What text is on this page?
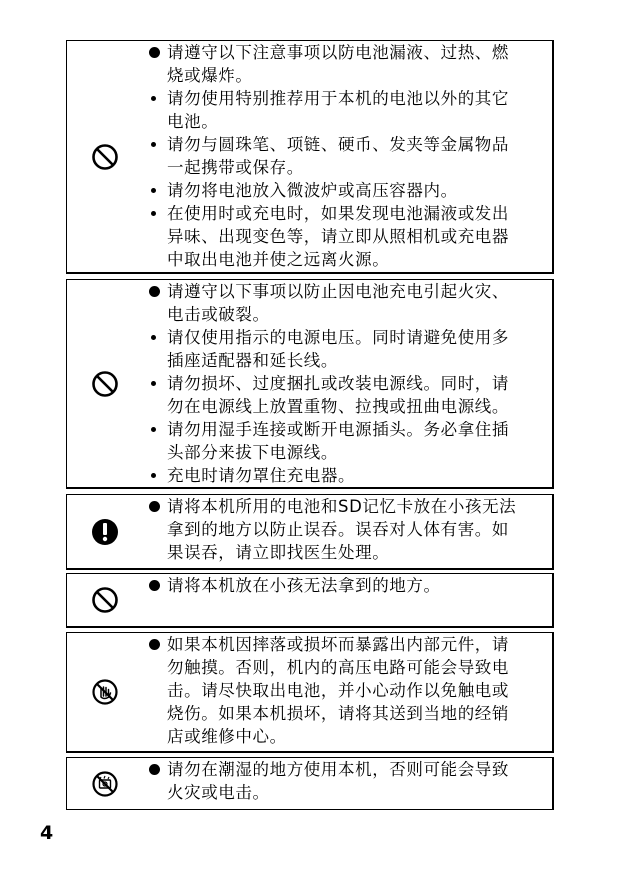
请遵守以下注意事项以防电池漏液、过热、燃
烧或爆炸。
请勿使用特别推荐用于本机的电池以外的其它
电池。
请勿与圆珠笔、项链、硬币、发夹等金属物品
一起携带或保存。
请勿将电池放入微波炉或高压容器内。
在使用时或充电时，如果发现电池漏液或发出
异味、出现变色等，请立即从照相机或充电器
中取出电池并使之远离火源。
请遵守以下事项以防止因电池充电引起火灾、
电击或破裂。
请仅使用指示的电源电压。同时请避免使用多
插座适配器和延长线。
请勿损坏、过度捆扎或改装电源线。同时，请
勿在电源线上放置重物、拉拽或扭曲电源线。
请勿用湿手连接或断开电源插头。务必拿住插
头部分来拔下电源线。
充电时请勿罩住充电器。
请将本机所用的电池和SD记忆卡放在小孩无法
拿到的地方以防止误吞。误吞对人体有害。如
果误吞，请立即找医生处理。
请将本机放在小孩无法拿到的地方。
如果本机因摔落或损坏而暴露出内部元件，请
勿触摸。否则，机内的高压电路可能会导致电
击。请尽快取出电池，并小心动作以免触电或
烧伤。如果本机损坏，请将其送到当地的经销
店或维修中心。
请勿在潮湿的地方使用本机，否则可能会导致
火灾或电击。
4
